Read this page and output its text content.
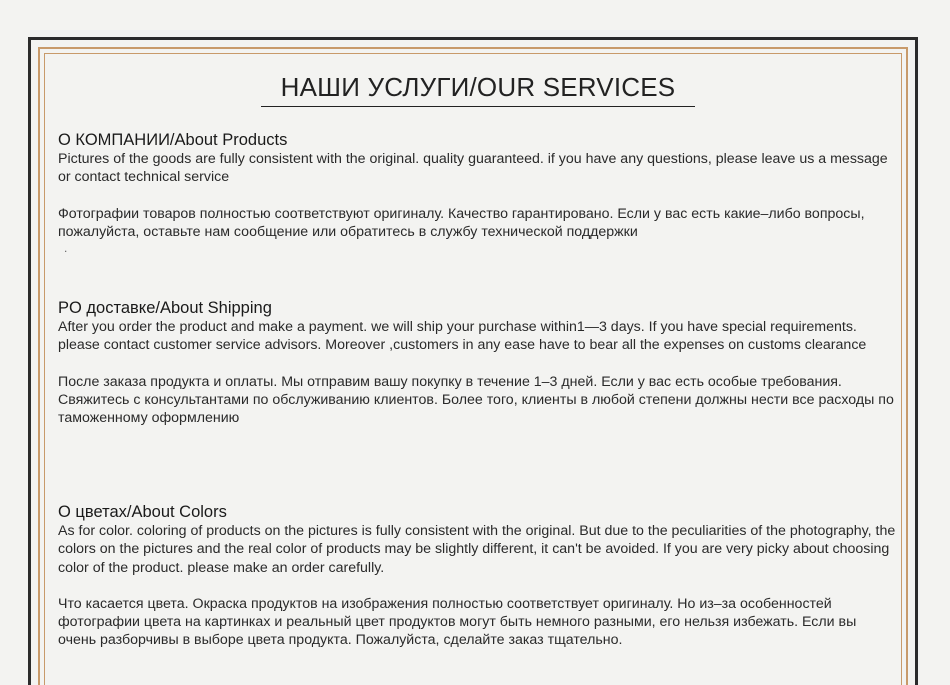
НАШИ УСЛУГИ/OUR SERVICES

О КОМПАНИИ/About Products

Pictures of the goods are fully consistent with the original. quality guaranteed. if you have any questions, please leave us a message or contact technical service

Фотографии товаров полностью соответствуют оригиналу. Качество гарантировано. Если у вас есть какие–либо вопросы, пожалуйста, оставьте нам сообщение или обратитесь в службу технической поддержки

.

PO доставке/About Shipping

After you order the product and make a payment. we will ship your purchase within1—3 days. If you have special requirements. please contact customer service advisors. Moreover ,customers in any ease have to bear all the expenses on customs clearance

После заказа продукта и оплаты. Мы отправим вашу покупку в течение 1–3 дней. Если у вас есть особые требования. Свяжитесь с консультантами по обслуживанию клиентов. Более того, клиенты в любой степени должны нести все расходы по таможенному оформлению

О цветах/About Colors

As for color. coloring of products on the pictures is fully consistent with the original. But due to the peculiarities of the photography, the colors on the pictures and the real color of products may be slightly different, it can't be avoided. If you are very picky about choosing color of the product. please make an order carefully.

Что касается цвета. Окраска продуктов на изображения полностью соответствует оригиналу. Но из–за особенностей фотографии цвета на картинках и реальный цвет продуктов могут быть немного разными, его нельзя избежать. Если вы очень разборчивы в выборе цвета продукта. Пожалуйста, сделайте заказ тщательно.
